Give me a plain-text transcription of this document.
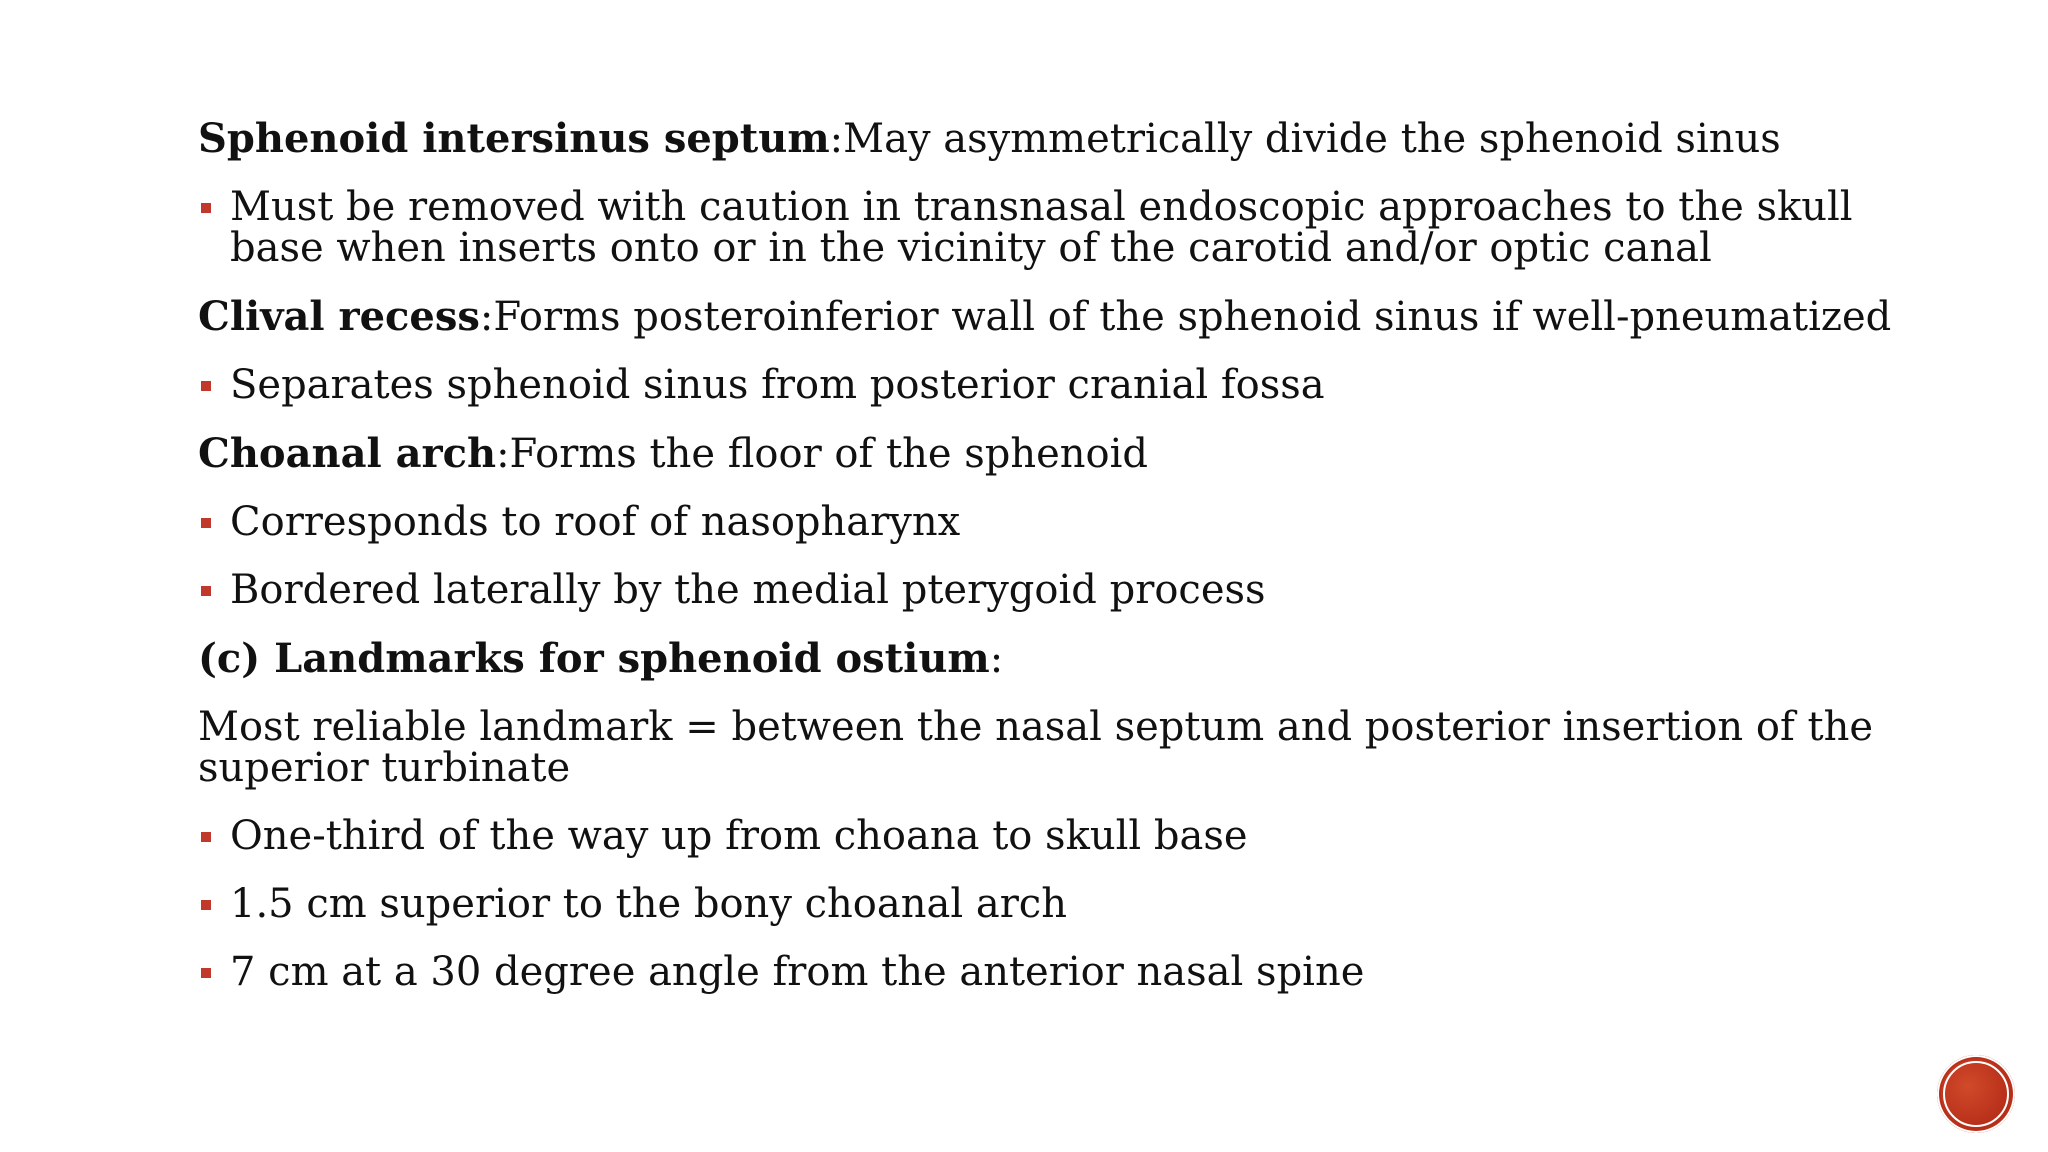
Sphenoid intersinus septum:May asymmetrically divide the sphenoid sinus
Must be removed with caution in transnasal endoscopic approaches to the skull base when inserts onto or in the vicinity of the carotid and/or optic canal
Clival recess:Forms posteroinferior wall of the sphenoid sinus if well-pneumatized
Separates sphenoid sinus from posterior cranial fossa
Choanal arch:Forms the floor of the sphenoid
Corresponds to roof of nasopharynx
Bordered laterally by the medial pterygoid process
(c) Landmarks for sphenoid ostium:
Most reliable landmark = between the nasal septum and posterior insertion of the superior turbinate
One-third of the way up from choana to skull base
1.5 cm superior to the bony choanal arch
7 cm at a 30 degree angle from the anterior nasal spine
